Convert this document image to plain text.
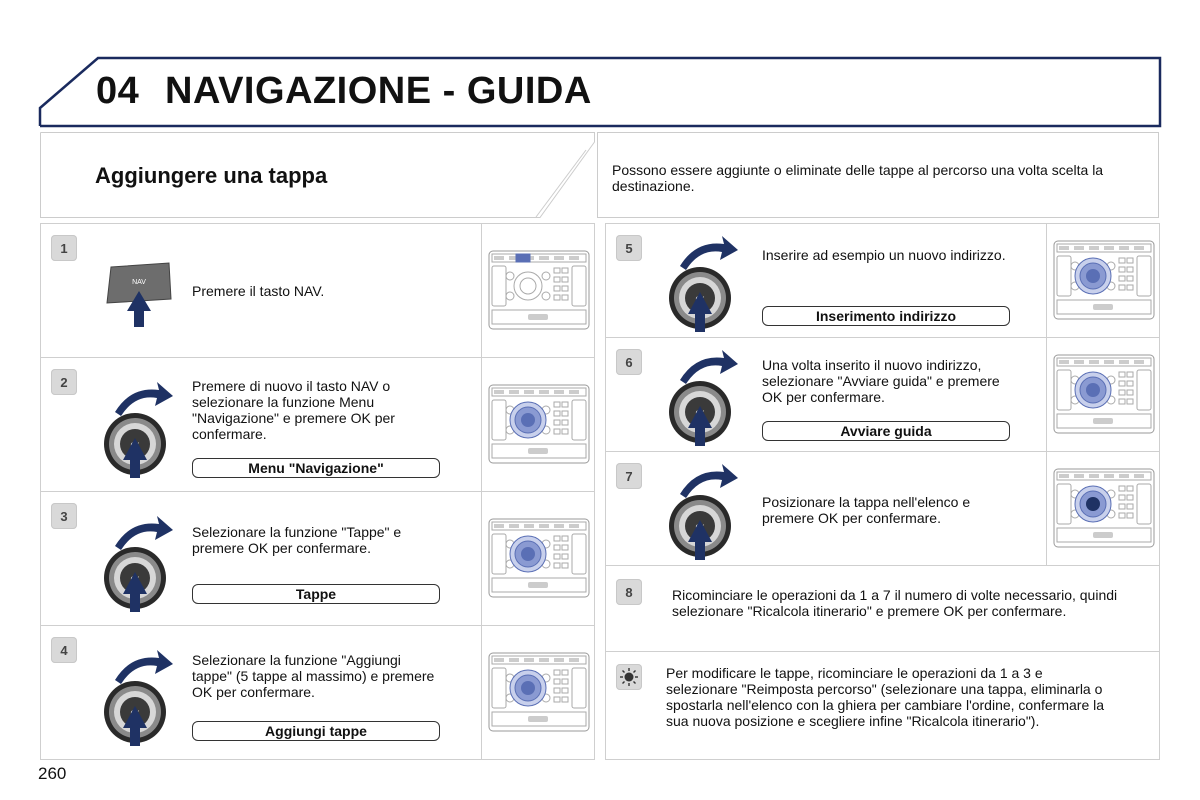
04 NAVIGAZIONE - GUIDA
Aggiungere una tappa	Possono essere aggiunte o eliminate delle tappe al percorso una volta scelta la destinazione.

1
NAV

Premere il tasto NAV.

2	Premere di nuovo il tasto NAV o selezionare la funzione Menu "Navigazione" e premere OK per confermare.

Menu "Navigazione"
3

Selezionare la funzione "Tappe" e premere OK per confermare.

Tappe
4

Selezionare la funzione "Aggiungi tappe" (5 tappe al massimo) e premere OK per confermare.

Aggiungi tappe
5	Inserire ad esempio un nuovo indirizzo.

Inserimento indirizzo
6	Una volta inserito il nuovo indirizzo, selezionare "Avviare guida" e premere OK per confermare.

Avviare guida
7

Posizionare la tappa nell'elenco e premere OK per confermare.

8	Ricominciare le operazioni da 1 a 7 il numero di volte necessario, quindi selezionare "Ricalcola itinerario" e premere OK per confermare.

Per modificare le tappe, ricominciare le operazioni da 1 a 3 e selezionare "Reimposta percorso" (selezionare una tappa, eliminarla o spostarla nell'elenco con la ghiera per cambiare l'ordine, confermare la sua nuova posizione e scegliere infine "Ricalcola itinerario").

260
